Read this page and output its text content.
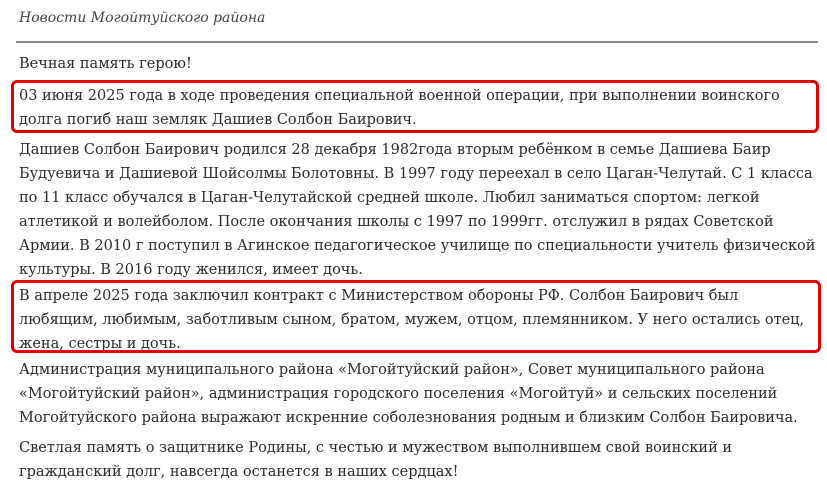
Новости Могойтуйского района

Вечная память герою!

03 июня 2025 года в ходе проведения специальной военной операции, при выполнении воинского долга погиб наш земляк Дашиев Солбон Баирович.

Дашиев Солбон Баирович родился 28 декабря 1982года вторым ребёнком в семье Дашиева Баир Будуевича и Дашиевой Шойсолмы Болотовны. В 1997 году переехал в село Цаган-Челутай. С 1 класса по 11 класс обучался в Цаган-Челутайской средней школе. Любил заниматься спортом: легкой атлетикой и волейболом. После окончания школы с 1997 по 1999гг. отслужил в рядах Советской Армии. В 2010 г поступил в Агинское педагогическое училище по специальности учитель физической культуры. В 2016 году женился, имеет дочь.

В апреле 2025 года заключил контракт с Министерством обороны РФ. Солбон Баирович был любящим, любимым, заботливым сыном, братом, мужем, отцом, племянником. У него остались отец, жена, сестры и дочь.

Администрация муниципального района «Могойтуйский район», Совет муниципального района «Могойтуйский район», администрация городского поселения «Могойтуй» и сельских поселений Могойтуйского района выражают искренние соболезнования родным и близким Солбон Баировича.

Светлая память о защитнике Родины, с честью и мужеством выполнившем свой воинский и гражданский долг, навсегда останется в наших сердцах!
